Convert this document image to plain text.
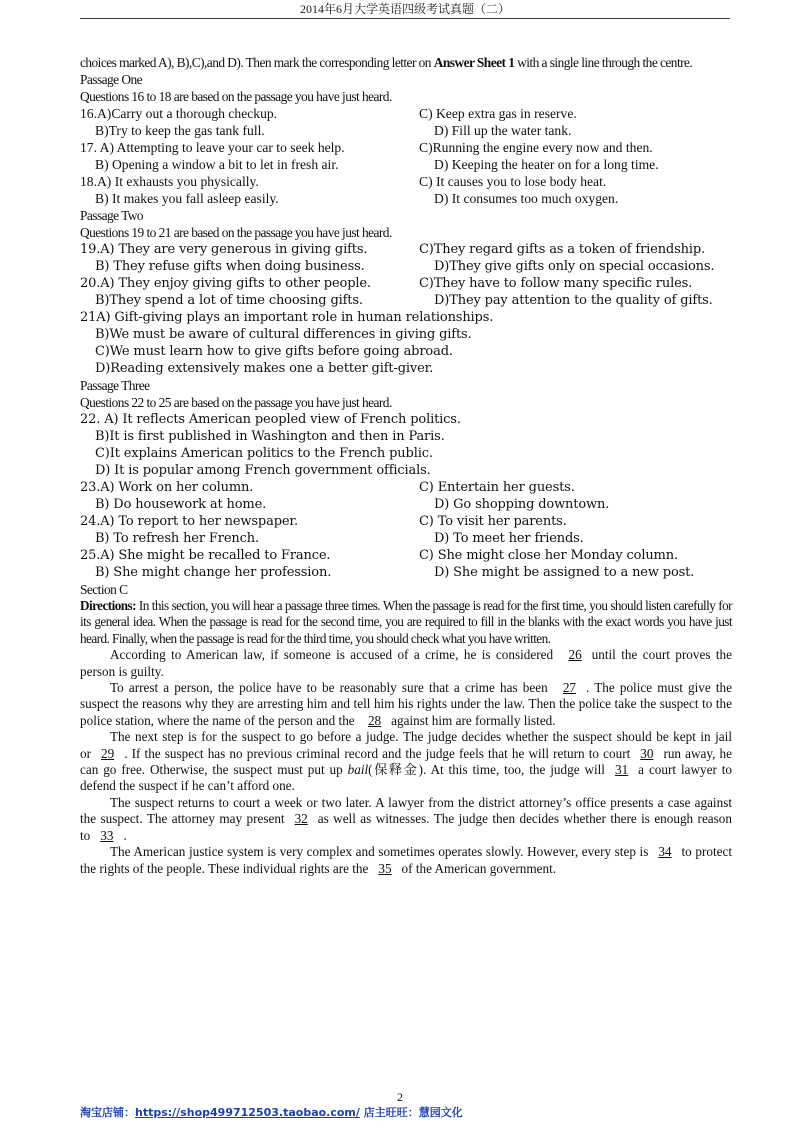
2014年6月大学英语四级考试真题（二）
choices marked A), B),C),and D). Then mark the corresponding letter on Answer Sheet 1 with a single line through the centre.
Passage One
Questions 16 to 18 are based on the passage you have just heard.
16.A)Carry out a thorough checkup.	C) Keep extra gas in reserve.
B)Try to keep the gas tank full.	D) Fill up the water tank.
17. A) Attempting to leave your car to seek help.	C)Running the engine every now and then.
B) Opening a window a bit to let in fresh air.	D) Keeping the heater on for a long time.
18.A) It exhausts you physically.	C) It causes you to lose body heat.
B) It makes you fall asleep easily.	D) It consumes too much oxygen.
Passage Two
Questions 19 to 21 are based on the passage you have just heard.
19.A) They are very generous in giving gifts.	C)They regard gifts as a token of friendship.
B) They refuse gifts when doing business.	D)They give gifts only on special occasions.
20.A) They enjoy giving gifts to other people.	C)They have to follow many specific rules.
B)They spend a lot of time choosing gifts.	D)They pay attention to the quality of gifts.
21A) Gift-giving plays an important role in human relationships.
B)We must be aware of cultural differences in giving gifts.
C)We must learn how to give gifts before going abroad.
D)Reading extensively makes one a better gift-giver.
Passage Three
Questions 22 to 25 are based on the passage you have just heard.
22. A) It reflects American peopled view of French politics.
B)It is first published in Washington and then in Paris.
C)It explains American politics to the French public.
D) It is popular among French government officials.
23.A) Work on her column.	C) Entertain her guests.
B) Do housework at home.	D) Go shopping downtown.
24.A) To report to her newspaper.	C) To visit her parents.
B) To refresh her French.	D) To meet her friends.
25.A) She might be recalled to France.	C) She might close her Monday column.
B) She might change her profession.	D) She might be assigned to a new post.
Section C
Directions: In this section, you will hear a passage three times. When the passage is read for the first time, you should listen carefully for its general idea. When the passage is read for the second time, you are required to fill in the blanks with the exact words you have just heard. Finally, when the passage is read for the third time, you should check what you have written.

According to American law, if someone is accused of a crime, he is considered 26 until the court proves the person is guilty.

To arrest a person, the police have to be reasonably sure that a crime has been 27 . The police must give the suspect the reasons why they are arresting him and tell him his rights under the law. Then the police take the suspect to the police station, where the name of the person and the 28 against him are formally listed.

The next step is for the suspect to go before a judge. The judge decides whether the suspect should be kept in jail or 29 . If the suspect has no previous criminal record and the judge feels that he will return to court 30 run away, he can go free. Otherwise, the suspect must put up bail(保释金). At this time, too, the judge will 31 a court lawyer to defend the suspect if he can’t afford one.

The suspect returns to court a week or two later. A lawyer from the district attorney’s office presents a case against the suspect. The attorney may present 32 as well as witnesses. The judge then decides whether there is enough reason to 33 .

The American justice system is very complex and sometimes operates slowly. However, every step is 34 to protect the rights of the people. These individual rights are the 35 of the American government.

2
淘宝店铺：https://shop499712503.taobao.com/ 店主旺旺：慧园文化
